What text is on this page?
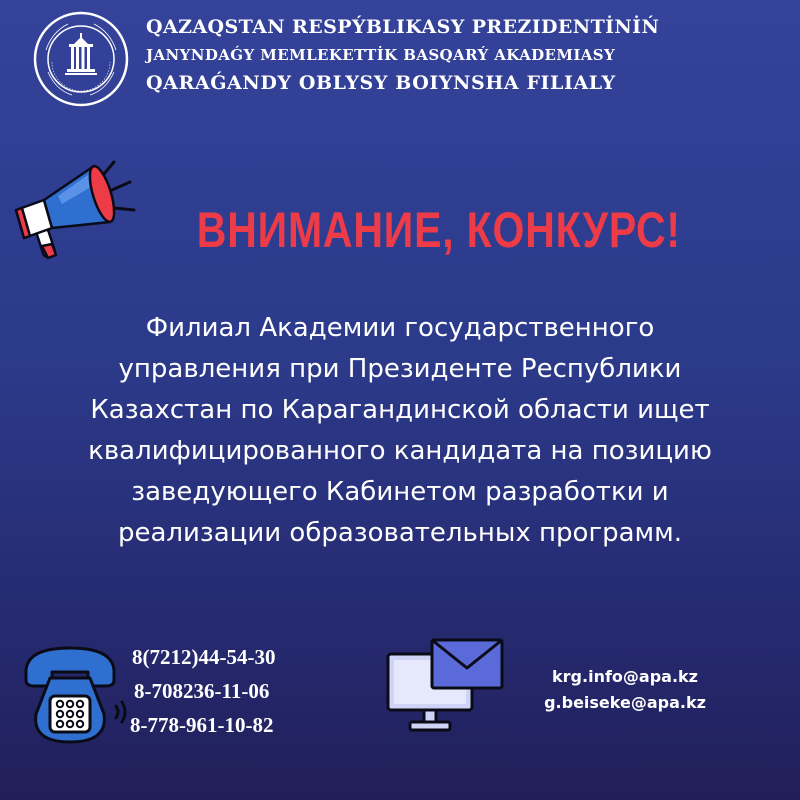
QAZAQSTAN RESPÝBLIKASY PREZIDENTİNİŃ
JANYNDAǴY MEMLEKETTİK BASQARÝ AKADEMIASY
QARAǴANDY OBLYSY BOIYNSHA FILIALY
ВНИМАНИЕ, КОНКУРС!
Филиал Академии государственного
управления при Президенте Республики
Казахстан по Карагандинской области ищет
квалифицированного кандидата на позицию
заведующего Кабинетом разработки и
реализации образовательных программ.
8(7212)44-54-30
8-708236-11-06
8-778-961-10-82
krg.info@apa.kz
g.beiseke@apa.kz
